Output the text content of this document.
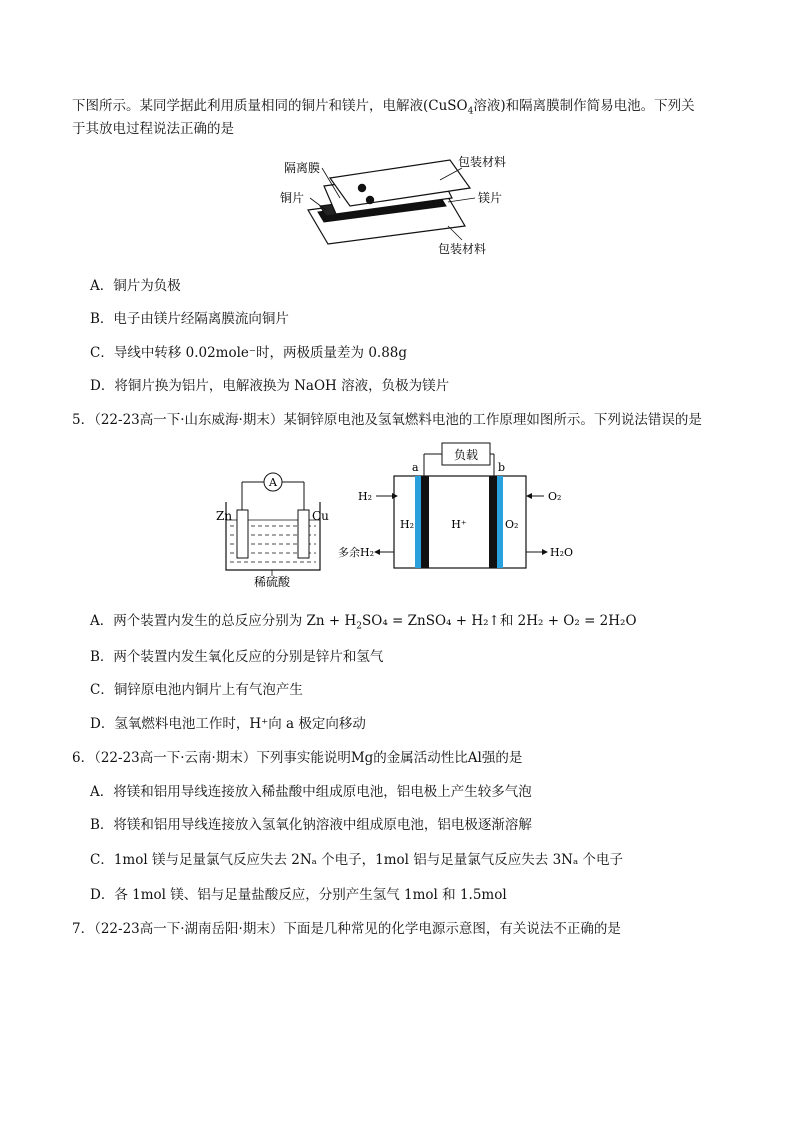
下图所示。某同学据此利用质量相同的铜片和镁片，电解液(CuSO$_4$溶液)和隔离膜制作简易电池。下列关
于其放电过程说法正确的是
隔离膜
铜片
包装材料
镁片
包装材料
A．铜片为负极
B．电子由镁片经隔离膜流向铜片
C．导线中转移 0.02mole⁻时，两极质量差为 0.88g
D．将铜片换为铝片，电解液换为 NaOH 溶液，负极为镁片
5．（22-23高一下·山东威海·期末）某铜锌原电池及氢氧燃料电池的工作原理如图所示。下列说法错误的是
A
Zn	Cu
稀硫酸
负载
a	b
H₂	H⁺	O₂
H₂
多余H₂
O₂
H₂O
A．两个装置内发生的总反应分别为 $Zn + H_2SO_4$ = ZnSO₄ + H₂↑和 2H₂ + O₂ = 2H₂O
B．两个装置内发生氧化反应的分别是锌片和氢气
C．铜锌原电池内铜片上有气泡产生
D．氢氧燃料电池工作时，H⁺向 a 极定向移动
6．（22-23高一下·云南·期末）下列事实能说明Mg的金属活动性比Al强的是
A．将镁和铝用导线连接放入稀盐酸中组成原电池，铝电极上产生较多气泡
B．将镁和铝用导线连接放入氢氧化钠溶液中组成原电池，铝电极逐渐溶解
C．1mol 镁与足量氯气反应失去 2Nₐ 个电子，1mol 铝与足量氯气反应失去 3Nₐ 个电子
D．各 1mol 镁、铝与足量盐酸反应，分别产生氢气 1mol 和 1.5mol
7．（22-23高一下·湖南岳阳·期末）下面是几种常见的化学电源示意图，有关说法不正确的是
